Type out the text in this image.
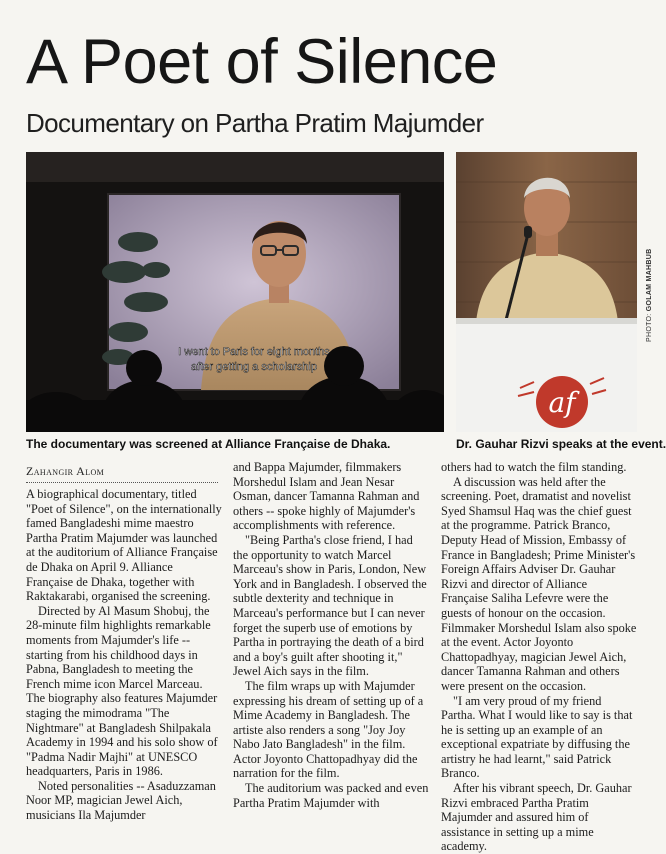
A Poet of Silence
Documentary on Partha Pratim Majumder
I went to Paris for eight months
after getting a scholarship
af
PHOTO: GOLAM MAHBUB
The documentary was screened at Alliance Française de Dhaka.	Dr. Gauhar Rizvi speaks at the event.
Zahangir Alom

A biographical documentary, titled "Poet of Silence", on the internationally famed Bangladeshi mime maestro Partha Pratim Majumder was launched at the auditorium of Alliance Française de Dhaka on April 9. Alliance Française de Dhaka, together with Raktakarabi, organised the screening.

Directed by Al Masum Shobuj, the 28-minute film highlights remarkable moments from Majumder's life -- starting from his childhood days in Pabna, Bangladesh to meeting the French mime icon Marcel Marceau. The biography also features Majumder staging the mimodrama "The Nightmare" at Bangladesh Shilpakala Academy in 1994 and his solo show of "Padma Nadir Majhi" at UNESCO headquarters, Paris in 1986.

Noted personalities -- Asaduzzaman Noor MP, magician Jewel Aich, musicians Ila Majumder

and Bappa Majumder, filmmakers Morshedul Islam and Jean Nesar Osman, dancer Tamanna Rahman and others -- spoke highly of Majumder's accomplishments with reference.

"Being Partha's close friend, I had the opportunity to watch Marcel Marceau's show in Paris, London, New York and in Bangladesh. I observed the subtle dexterity and technique in Marceau's performance but I can never forget the superb use of emotions by Partha in portraying the death of a bird and a boy's guilt after shooting it," Jewel Aich says in the film.

The film wraps up with Majumder expressing his dream of setting up of a Mime Academy in Bangladesh. The artiste also renders a song "Joy Joy Nabo Jato Bangladesh" in the film. Actor Joyonto Chattopadhyay did the narration for the film.

The auditorium was packed and even Partha Pratim Majumder with

others had to watch the film standing.

A discussion was held after the screening. Poet, dramatist and novelist Syed Shamsul Haq was the chief guest at the programme. Patrick Branco, Deputy Head of Mission, Embassy of France in Bangladesh; Prime Minister's Foreign Affairs Adviser Dr. Gauhar Rizvi and director of Alliance Française Saliha Lefevre were the guests of honour on the occasion. Filmmaker Morshedul Islam also spoke at the event. Actor Joyonto Chattopadhyay, magician Jewel Aich, dancer Tamanna Rahman and others were present on the occasion.

"I am very proud of my friend Partha. What I would like to say is that he is setting up an example of an exceptional expatriate by diffusing the artistry he had learnt," said Patrick Branco.

After his vibrant speech, Dr. Gauhar Rizvi embraced Partha Pratim Majumder and assured him of assistance in setting up a mime academy.
